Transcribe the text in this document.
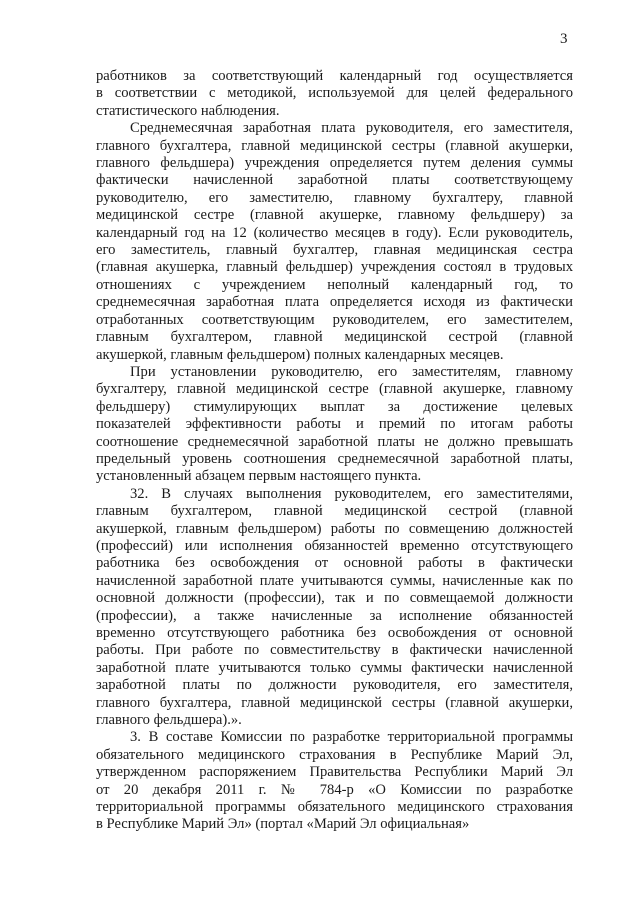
3
работников за соответствующий календарный год осуществляется
в соответствии с методикой, используемой для целей федерального
статистического наблюдения.
Среднемесячная заработная плата руководителя, его заместителя,
главного бухгалтера, главной медицинской сестры (главной акушерки,
главного фельдшера) учреждения определяется путем деления суммы
фактически начисленной заработной платы соответствующему
руководителю, его заместителю, главному бухгалтеру, главной
медицинской сестре (главной акушерке, главному фельдшеру) за
календарный год на 12 (количество месяцев в году). Если руководитель,
его заместитель, главный бухгалтер, главная медицинская сестра
(главная акушерка, главный фельдшер) учреждения состоял в трудовых
отношениях с учреждением неполный календарный год, то
среднемесячная заработная плата определяется исходя из фактически
отработанных соответствующим руководителем, его заместителем,
главным бухгалтером, главной медицинской сестрой (главной
акушеркой, главным фельдшером) полных календарных месяцев.
При установлении руководителю, его заместителям, главному
бухгалтеру, главной медицинской сестре (главной акушерке, главному
фельдшеру) стимулирующих выплат за достижение целевых
показателей эффективности работы и премий по итогам работы
соотношение среднемесячной заработной платы не должно превышать
предельный уровень соотношения среднемесячной заработной платы,
установленный абзацем первым настоящего пункта.
32. В случаях выполнения руководителем, его заместителями,
главным бухгалтером, главной медицинской сестрой (главной
акушеркой, главным фельдшером) работы по совмещению должностей
(профессий) или исполнения обязанностей временно отсутствующего
работника без освобождения от основной работы в фактически
начисленной заработной плате учитываются суммы, начисленные как по
основной должности (профессии), так и по совмещаемой должности
(профессии), а также начисленные за исполнение обязанностей
временно отсутствующего работника без освобождения от основной
работы. При работе по совместительству в фактически начисленной
заработной плате учитываются только суммы фактически начисленной
заработной платы по должности руководителя, его заместителя,
главного бухгалтера, главной медицинской сестры (главной акушерки,
главного фельдшера).».
3. В составе Комиссии по разработке территориальной программы
обязательного медицинского страхования в Республике Марий Эл,
утвержденном распоряжением Правительства Республики Марий Эл
от 20 декабря 2011 г. № 784-р «О Комиссии по разработке
территориальной программы обязательного медицинского страхования
в Республике Марий Эл» (портал «Марий Эл официальная»
